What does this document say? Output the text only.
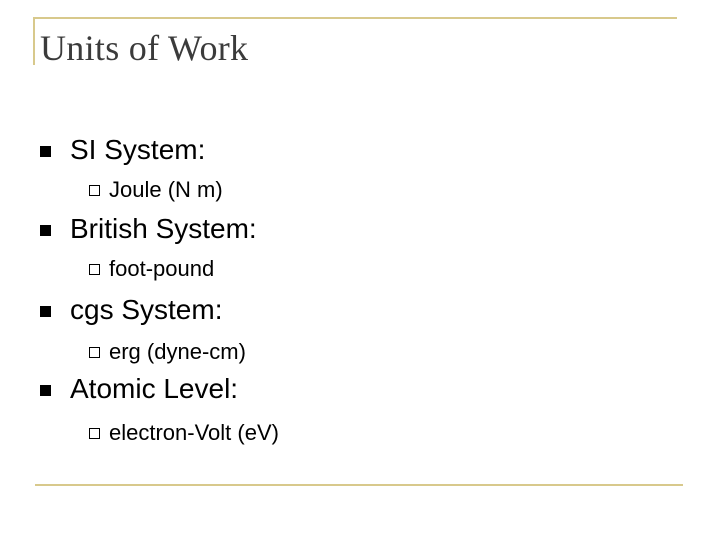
Units of Work
SI System:
Joule (N m)
British System:
foot-pound
cgs System:
erg (dyne-cm)
Atomic Level:
electron-Volt (eV)
